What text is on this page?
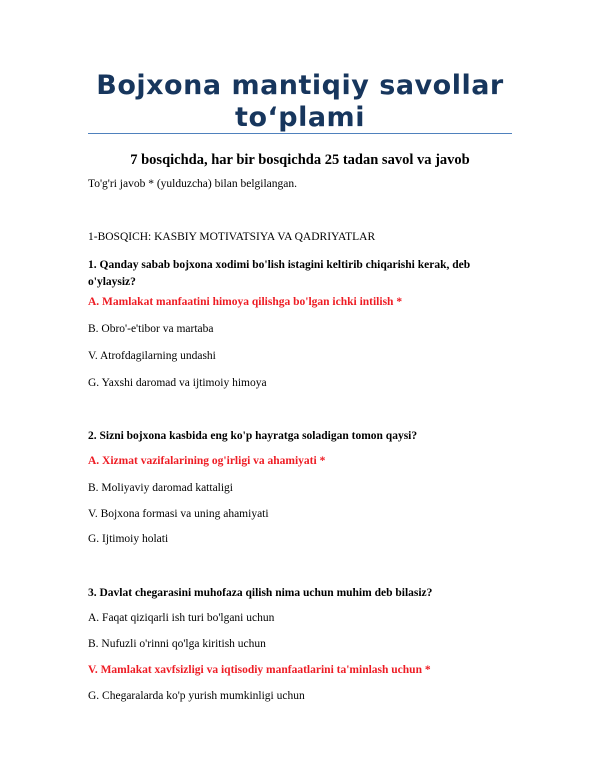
Bojxona mantiqiy savollar to‘plami
7 bosqichda, har bir bosqichda 25 tadan savol va javob
To'g'ri javob * (yulduzcha) bilan belgilangan.
1-BOSQICH: KASBIY MOTIVATSIYA VA QADRIYATLAR
1. Qanday sabab bojxona xodimi bo'lish istagini keltirib chiqarishi kerak, deb o'ylaysiz?
A. Mamlakat manfaatini himoya qilishga bo'lgan ichki intilish *
B. Obro'-e'tibor va martaba
V. Atrofdagilarning undashi
G. Yaxshi daromad va ijtimoiy himoya
2. Sizni bojxona kasbida eng ko'p hayratga soladigan tomon qaysi?
A. Xizmat vazifalarining og'irligi va ahamiyati *
B. Moliyaviy daromad kattaligi
V. Bojxona formasi va uning ahamiyati
G. Ijtimoiy holati
3. Davlat chegarasini muhofaza qilish nima uchun muhim deb bilasiz?
A. Faqat qiziqarli ish turi bo'lgani uchun
B. Nufuzli o'rinni qo'lga kiritish uchun
V. Mamlakat xavfsizligi va iqtisodiy manfaatlarini ta'minlash uchun *
G. Chegaralarda ko'p yurish mumkinligi uchun
